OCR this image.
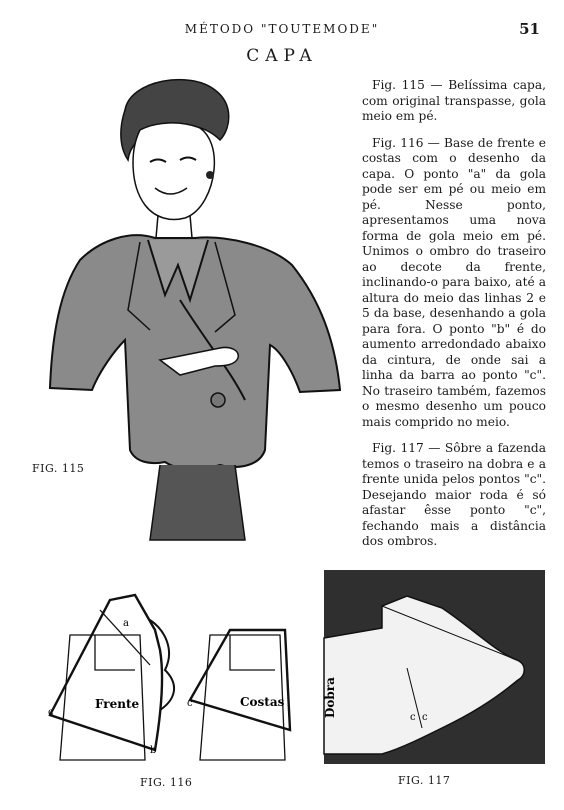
MÉTODO "TOUTEMODE"	51
CAPA
FIG. 115

Fig. 115 — Belíssima capa, com original transpasse, gola meio em pé.

Fig. 116 — Base de frente e costas com o desenho da capa. O ponto "a" da gola pode ser em pé ou meio em pé. Nesse ponto, apresentamos uma nova forma de gola meio em pé. Unimos o ombro do traseiro ao decote da frente, inclinando-o para baixo, até a altura do meio das linhas 2 e 5 da base, desenhando a gola para fora. O ponto "b" é do aumento arredondado abaixo da cintura, de onde sai a linha da barra ao ponto "c". No traseiro também, fazemos o mesmo desenho um pouco mais comprido no meio.

Fig. 117 — Sôbre a fazenda temos o traseiro na dobra e a frente unida pelos pontos "c". Desejando maior roda é só afastar êsse ponto "c", fechando mais a distância dos ombros.

Frente	Costas
a
b
c
c
FIG. 116
Dobra	c c
FIG. 117
